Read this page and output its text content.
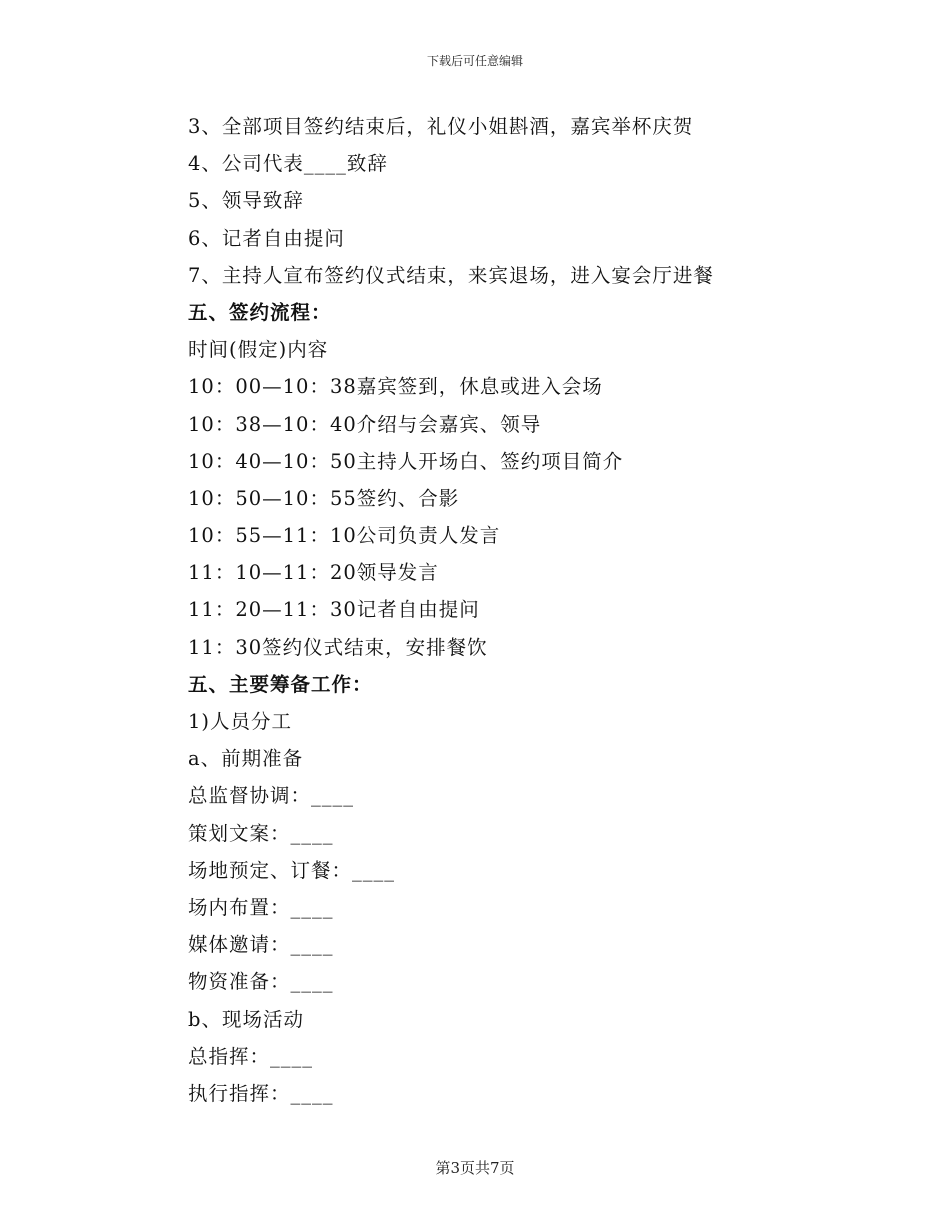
下载后可任意编辑
3、全部项目签约结束后，礼仪小姐斟酒，嘉宾举杯庆贺
4、公司代表____致辞
5、领导致辞
6、记者自由提问
7、主持人宣布签约仪式结束，来宾退场，进入宴会厅进餐
五、签约流程：
时间(假定)内容
10：00—10：38嘉宾签到，休息或进入会场
10：38—10：40介绍与会嘉宾、领导
10：40—10：50主持人开场白、签约项目简介
10：50—10：55签约、合影
10：55—11：10公司负责人发言
11：10—11：20领导发言
11：20—11：30记者自由提问
11：30签约仪式结束，安排餐饮
五、主要筹备工作：
1)人员分工
a、前期准备
总监督协调：____
策划文案：____
场地预定、订餐：____
场内布置：____
媒体邀请：____
物资准备：____
b、现场活动
总指挥：____
执行指挥：____
第3页共7页
